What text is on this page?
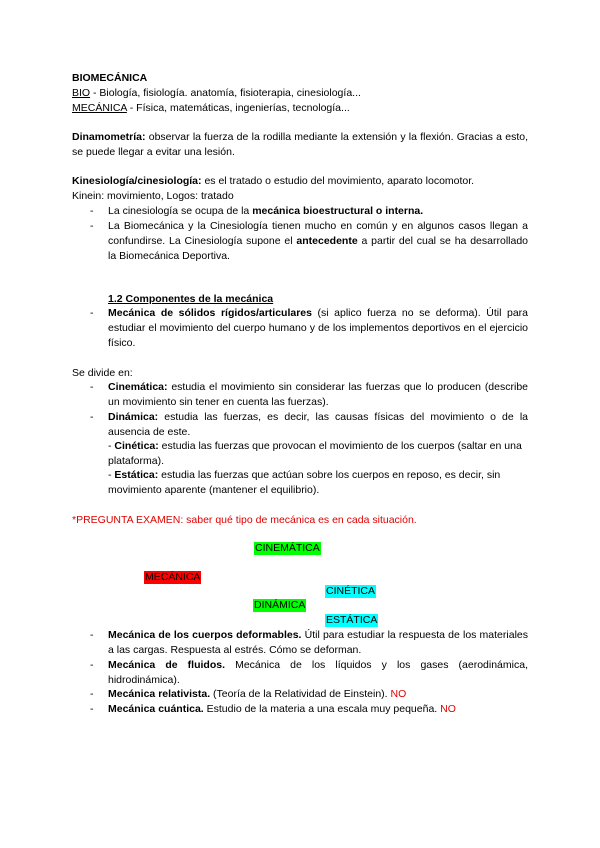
BIOMECÁNICA
BIO - Biología, fisiología. anatomía, fisioterapia, cinesiología...
MECÁNICA - Física, matemáticas, ingenierías, tecnología...
Dinamometría: observar la fuerza de la rodilla mediante la extensión y la flexión. Gracias a esto, se puede llegar a evitar una lesión.
Kinesiología/cinesiología: es el tratado o estudio del movimiento, aparato locomotor.
Kinein: movimiento, Logos: tratado
-	La cinesiología se ocupa de la mecánica bioestructural o interna.
-	La Biomecánica y la Cinesiología tienen mucho en común y en algunos casos llegan a confundirse. La Cinesiología supone el antecedente a partir del cual se ha desarrollado la Biomecánica Deportiva.
1.2 Componentes de la mecánica
-	Mecánica de sólidos rígidos/articulares (si aplico fuerza no se deforma). Útil para estudiar el movimiento del cuerpo humano y de los implementos deportivos en el ejercicio físico.
Se divide en:
-	Cinemática: estudia el movimiento sin considerar las fuerzas que lo producen (describe un movimiento sin tener en cuenta las fuerzas).
-	Dinámica: estudia las fuerzas, es decir, las causas físicas del movimiento o de la ausencia de este.
- Cinética: estudia las fuerzas que provocan el movimiento de los cuerpos (saltar en una plataforma).
- Estática: estudia las fuerzas que actúan sobre los cuerpos en reposo, es decir, sin movimiento aparente (mantener el equilibrio).
*PREGUNTA EXAMEN: saber qué tipo de mecánica es en cada situación.
CINEMÁTICA
MECÁNICA
CINÉTICA
DINÁMICA
ESTÁTICA
-	Mecánica de los cuerpos deformables. Útil para estudiar la respuesta de los materiales a las cargas. Respuesta al estrés. Cómo se deforman.
-	Mecánica de fluidos. Mecánica de los líquidos y los gases (aerodinámica, hidrodinámica).
-	Mecánica relativista. (Teoría de la Relatividad de Einstein). NO
-	Mecánica cuántica. Estudio de la materia a una escala muy pequeña. NO
